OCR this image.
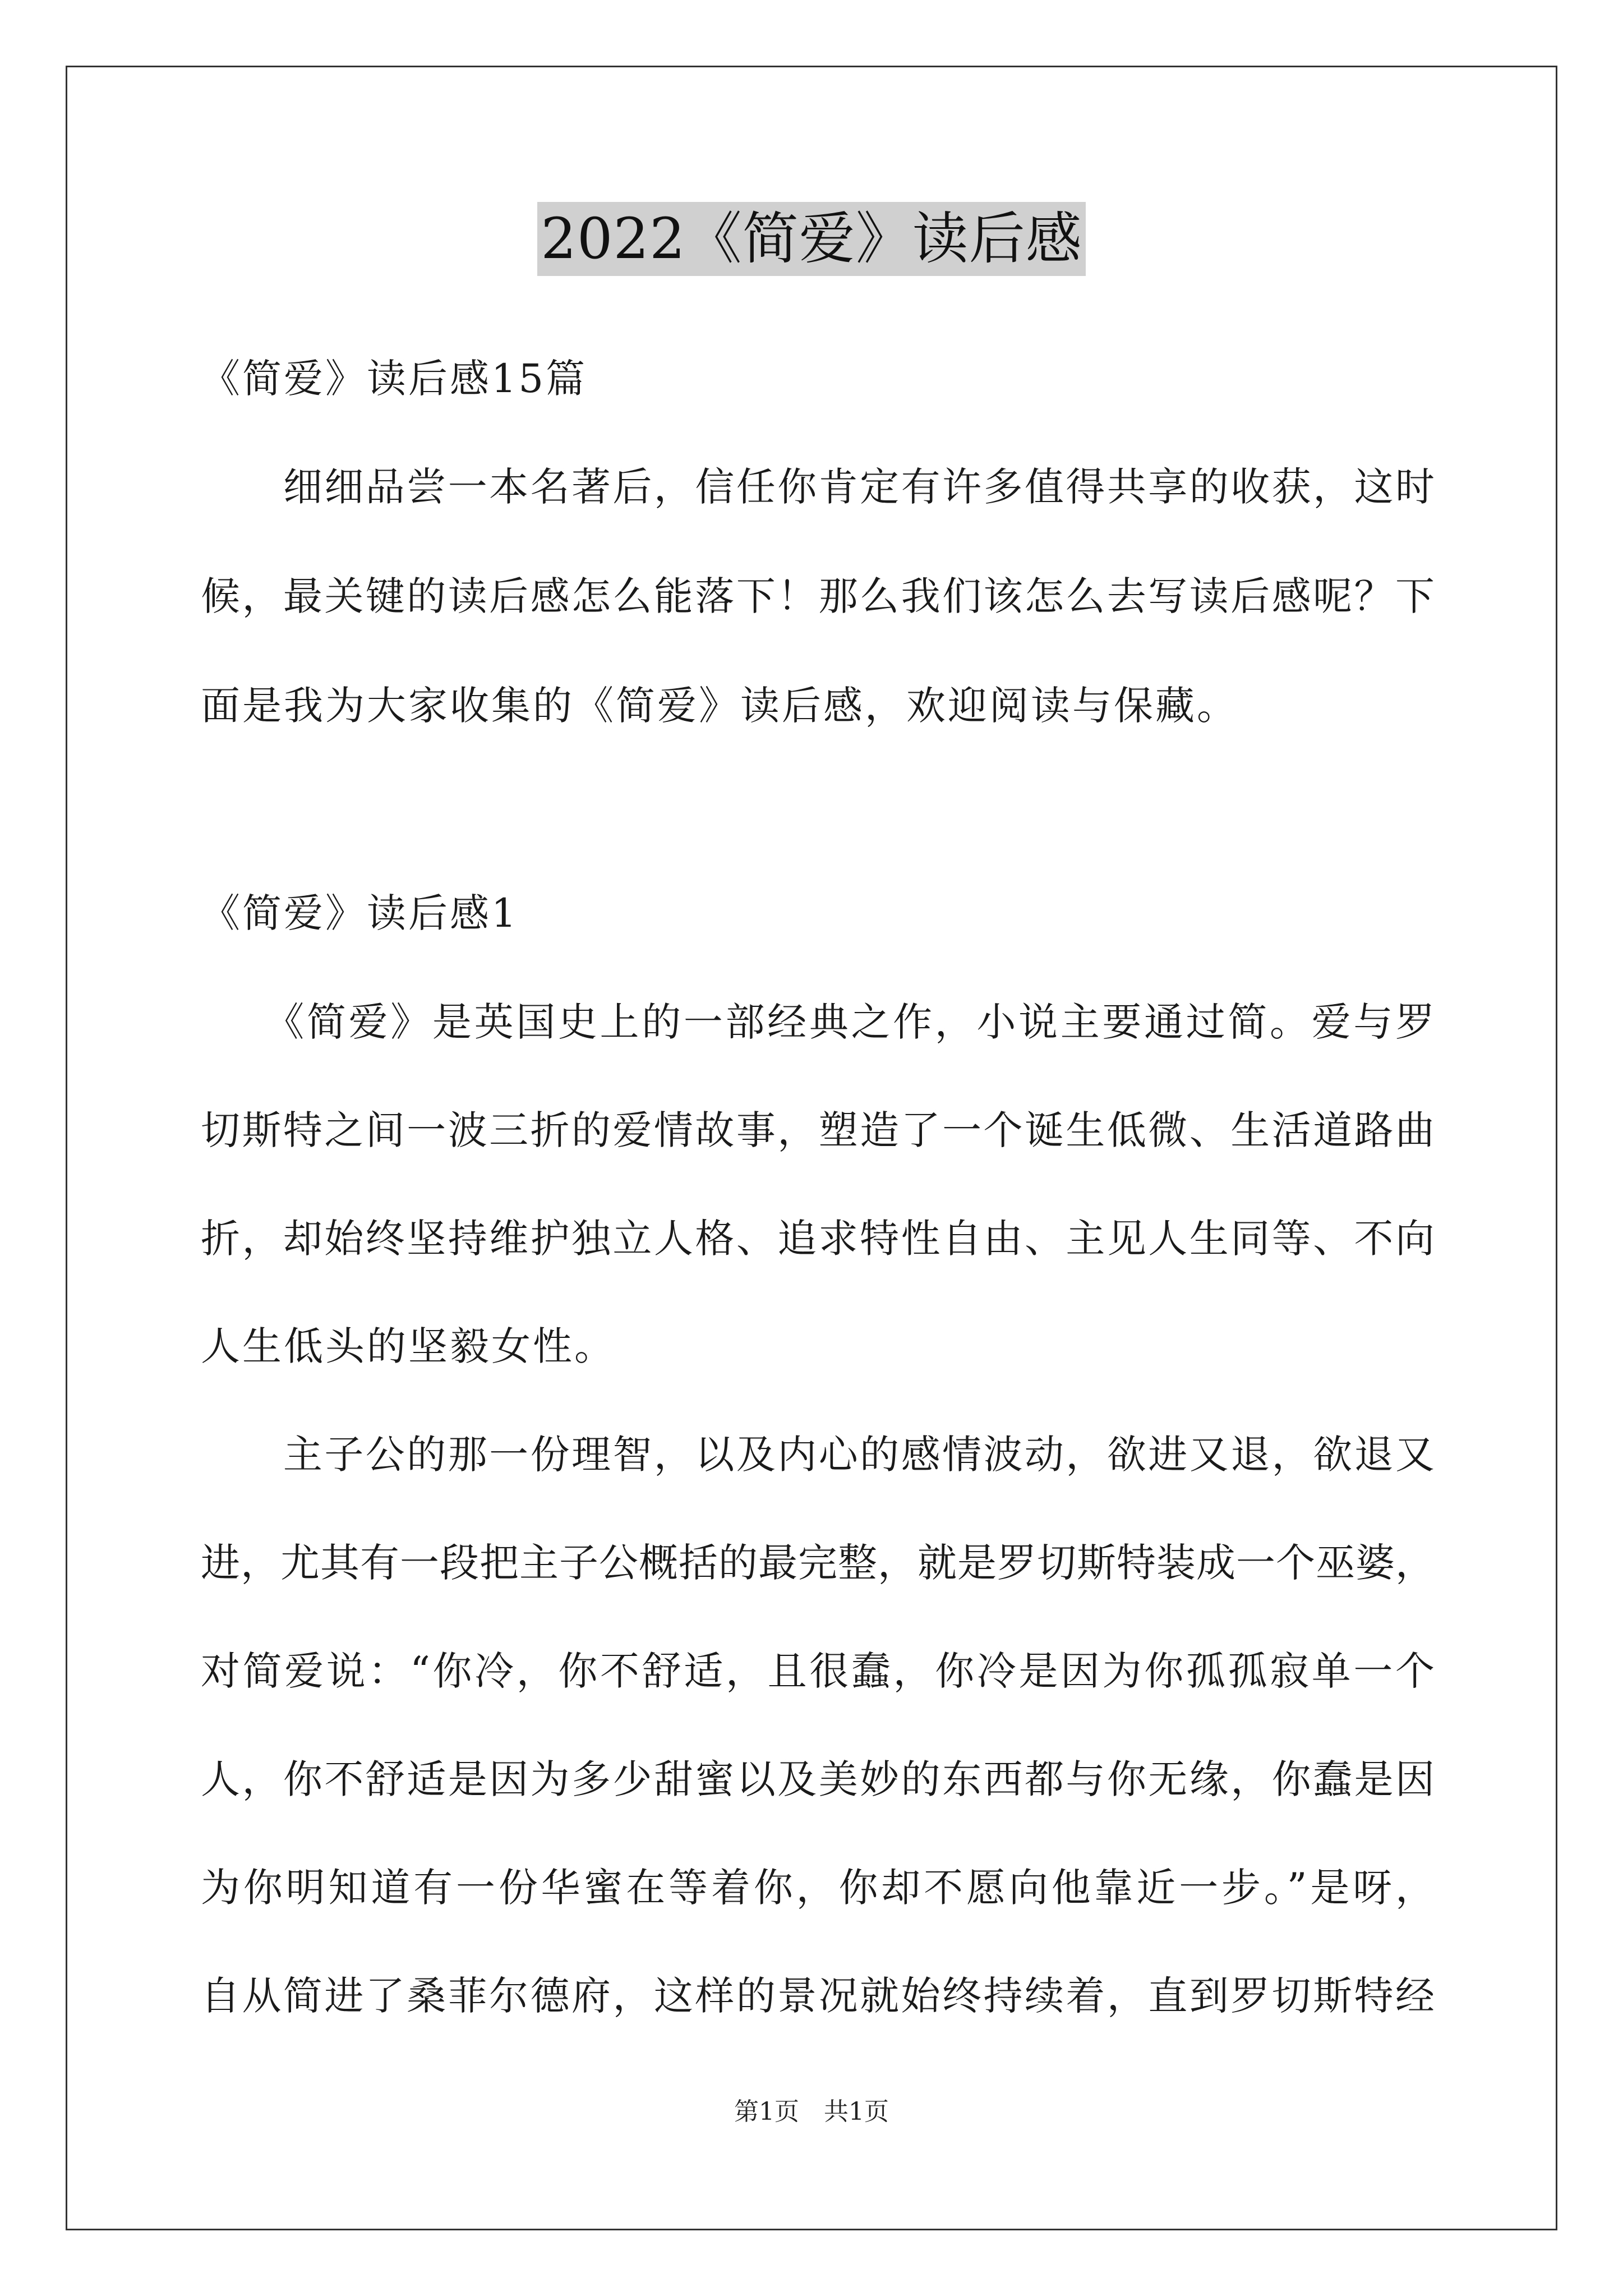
2022《简爱》读后感
《简爱》读后感15篇
　　细细品尝一本名著后，信任你肯定有许多值得共享的收获，这时
候，最关键的读后感怎么能落下！那么我们该怎么去写读后感呢？下
面是我为大家收集的《简爱》读后感，欢迎阅读与保藏。
《简爱》读后感1
　　《简爱》是英国史上的一部经典之作，小说主要通过简。爱与罗
切斯特之间一波三折的爱情故事，塑造了一个诞生低微、生活道路曲
折，却始终坚持维护独立人格、追求特性自由、主见人生同等、不向
人生低头的坚毅女性。
　　主子公的那一份理智，以及内心的感情波动，欲进又退，欲退又
进，尤其有一段把主子公概括的最完整，就是罗切斯特装成一个巫婆，
对简爱说：“你冷，你不舒适，且很蠢，你冷是因为你孤孤寂单一个
人，你不舒适是因为多少甜蜜以及美妙的东西都与你无缘，你蠢是因
为你明知道有一份华蜜在等着你，你却不愿向他靠近一步。”是呀，
自从简进了桑菲尔德府，这样的景况就始终持续着，直到罗切斯特经
第1页　共1页
